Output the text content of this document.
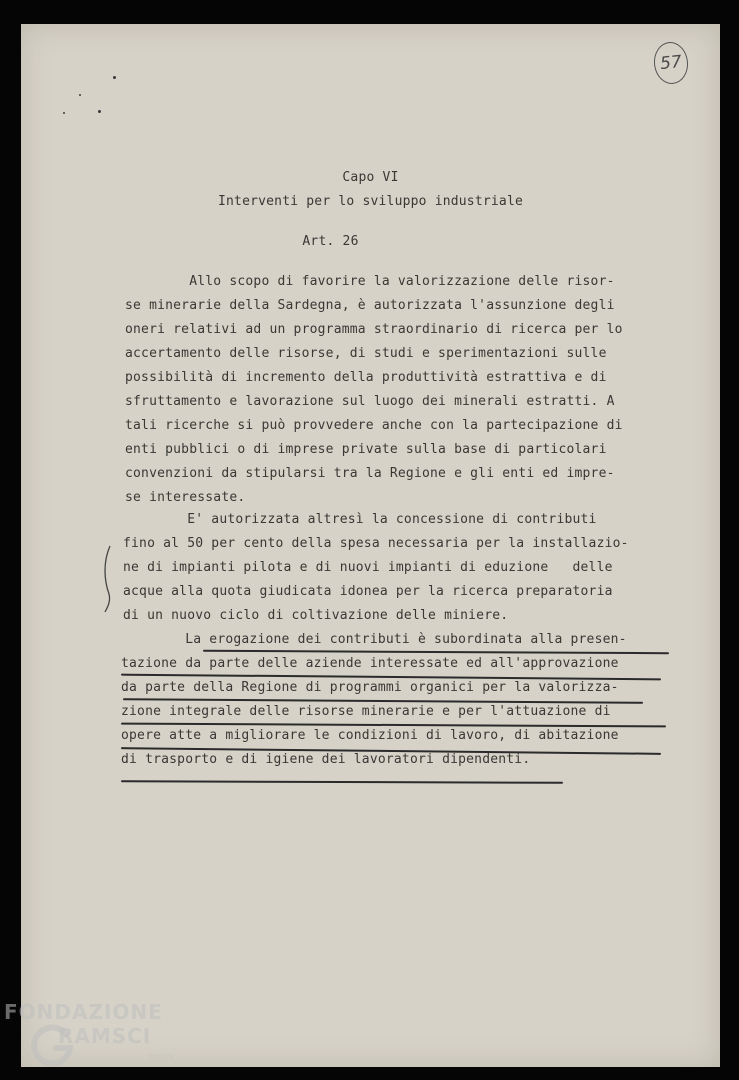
57
Capo VI
Interventi per lo sviluppo industriale
Art. 26

Allo scopo di favorire la valorizzazione delle risor-

se minerarie della Sardegna, è autorizzata l'assunzione degli

oneri relativi ad un programma straordinario di ricerca per lo

accertamento delle risorse, di studi e sperimentazioni sulle

possibilità di incremento della produttività estrattiva e di

sfruttamento e lavorazione sul luogo dei minerali estratti. A

tali ricerche si può provvedere anche con la partecipazione di

enti pubblici o di imprese private sulla base di particolari

convenzioni da stipularsi tra la Regione e gli enti ed impre-

se interessate.

E' autorizzata altresì la concessione di contributi

fino al 50 per cento della spesa necessaria per la installazio-

ne di impianti pilota e di nuovi impianti di eduzione   delle

acque alla quota giudicata idonea per la ricerca preparatoria

di un nuovo ciclo di coltivazione delle miniere.

La erogazione dei contributi è subordinata alla presen-

tazione da parte delle aziende interessate ed all'approvazione

da parte della Regione di programmi organici per la valorizza-

zione integrale delle risorse minerarie e per l'attuazione di

opere atte a migliorare le condizioni di lavoro, di abitazione

di trasporto e di igiene dei lavoratori dipendenti.

FONDAZIONE
RAMSCI
onlus
